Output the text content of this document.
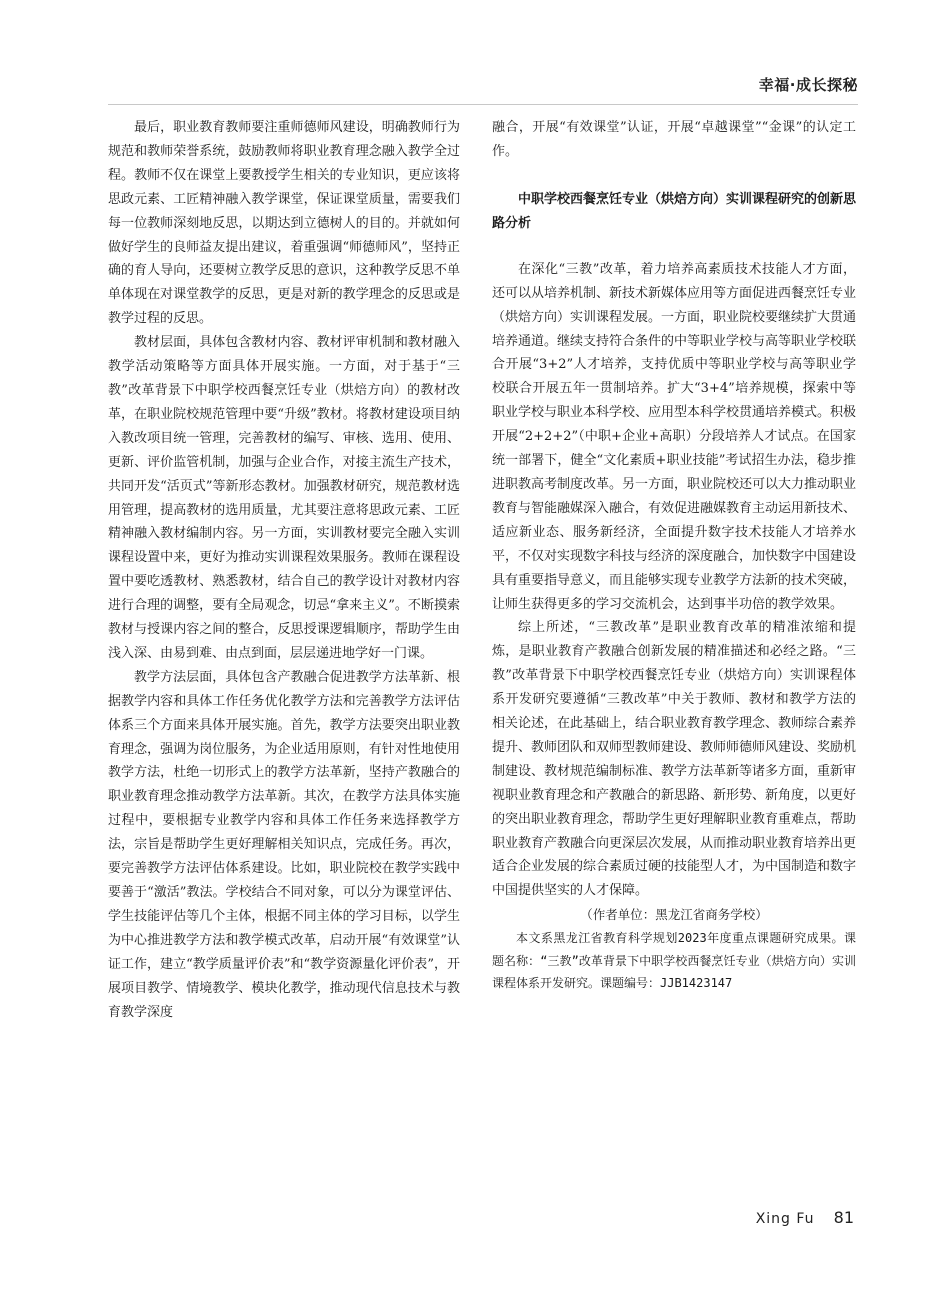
幸福·成长探秘

最后，职业教育教师要注重师德师风建设，明确教师行为规范和教师荣誉系统，鼓励教师将职业教育理念融入教学全过程。教师不仅在课堂上要教授学生相关的专业知识，更应该将思政元素、工匠精神融入教学课堂，保证课堂质量，需要我们每一位教师深刻地反思，以期达到立德树人的目的。并就如何做好学生的良师益友提出建议，着重强调“师德师风”，坚持正确的育人导向，还要树立教学反思的意识，这种教学反思不单单体现在对课堂教学的反思，更是对新的教学理念的反思或是教学过程的反思。

教材层面，具体包含教材内容、教材评审机制和教材融入教学活动策略等方面具体开展实施。一方面，对于基于“三教”改革背景下中职学校西餐烹饪专业（烘焙方向）的教材改革，在职业院校规范管理中要“升级”教材。将教材建设项目纳入教改项目统一管理，完善教材的编写、审核、选用、使用、更新、评价监管机制，加强与企业合作，对接主流生产技术，共同开发“活页式”等新形态教材。加强教材研究，规范教材选用管理，提高教材的选用质量，尤其要注意将思政元素、工匠精神融入教材编制内容。另一方面，实训教材要完全融入实训课程设置中来，更好为推动实训课程效果服务。教师在课程设置中要吃透教材、熟悉教材，结合自己的教学设计对教材内容进行合理的调整，要有全局观念，切忌“拿来主义”。不断摸索教材与授课内容之间的整合，反思授课逻辑顺序，帮助学生由浅入深、由易到难、由点到面，层层递进地学好一门课。

教学方法层面，具体包含产教融合促进教学方法革新、根据教学内容和具体工作任务优化教学方法和完善教学方法评估体系三个方面来具体开展实施。首先，教学方法要突出职业教育理念，强调为岗位服务，为企业适用原则，有针对性地使用教学方法，杜绝一切形式上的教学方法革新，坚持产教融合的职业教育理念推动教学方法革新。其次，在教学方法具体实施过程中，要根据专业教学内容和具体工作任务来选择教学方法，宗旨是帮助学生更好理解相关知识点，完成任务。再次，要完善教学方法评估体系建设。比如，职业院校在教学实践中要善于“激活”教法。学校结合不同对象，可以分为课堂评估、学生技能评估等几个主体，根据不同主体的学习目标，以学生为中心推进教学方法和教学模式改革，启动开展“有效课堂”认证工作，建立“教学质量评价表”和“教学资源量化评价表”，开展项目教学、情境教学、模块化教学，推动现代信息技术与教育教学深度

融合，开展“有效课堂”认证，开展“卓越课堂”“金课”的认定工作。

中职学校西餐烹饪专业（烘焙方向）实训课程研究的创新思路分析

在深化“三教”改革，着力培养高素质技术技能人才方面，还可以从培养机制、新技术新媒体应用等方面促进西餐烹饪专业（烘焙方向）实训课程发展。一方面，职业院校要继续扩大贯通培养通道。继续支持符合条件的中等职业学校与高等职业学校联合开展“3+2”人才培养，支持优质中等职业学校与高等职业学校联合开展五年一贯制培养。扩大“3+4”培养规模，探索中等职业学校与职业本科学校、应用型本科学校贯通培养模式。积极开展“2+2+2”（中职+企业+高职）分段培养人才试点。在国家统一部署下，健全“文化素质+职业技能”考试招生办法，稳步推进职教高考制度改革。另一方面，职业院校还可以大力推动职业教育与智能融媒深入融合，有效促进融媒教育主动运用新技术、适应新业态、服务新经济，全面提升数字技术技能人才培养水平，不仅对实现数字科技与经济的深度融合，加快数字中国建设具有重要指导意义，而且能够实现专业教学方法新的技术突破，让师生获得更多的学习交流机会，达到事半功倍的教学效果。

综上所述，“三教改革”是职业教育改革的精准浓缩和提炼，是职业教育产教融合创新发展的精准描述和必经之路。“三教”改革背景下中职学校西餐烹饪专业（烘焙方向）实训课程体系开发研究要遵循“三教改革”中关于教师、教材和教学方法的相关论述，在此基础上，结合职业教育教学理念、教师综合素养提升、教师团队和双师型教师建设、教师师德师风建设、奖励机制建设、教材规范编制标准、教学方法革新等诸多方面，重新审视职业教育理念和产教融合的新思路、新形势、新角度，以更好的突出职业教育理念，帮助学生更好理解职业教育重难点，帮助职业教育产教融合向更深层次发展，从而推动职业教育培养出更适合企业发展的综合素质过硬的技能型人才，为中国制造和数字中国提供坚实的人才保障。

（作者单位：黑龙江省商务学校）

本文系黑龙江省教育科学规划2023年度重点课题研究成果。课题名称：“三教”改革背景下中职学校西餐烹饪专业（烘焙方向）实训课程体系开发研究。课题编号：JJB1423147

Xing Fu 81
